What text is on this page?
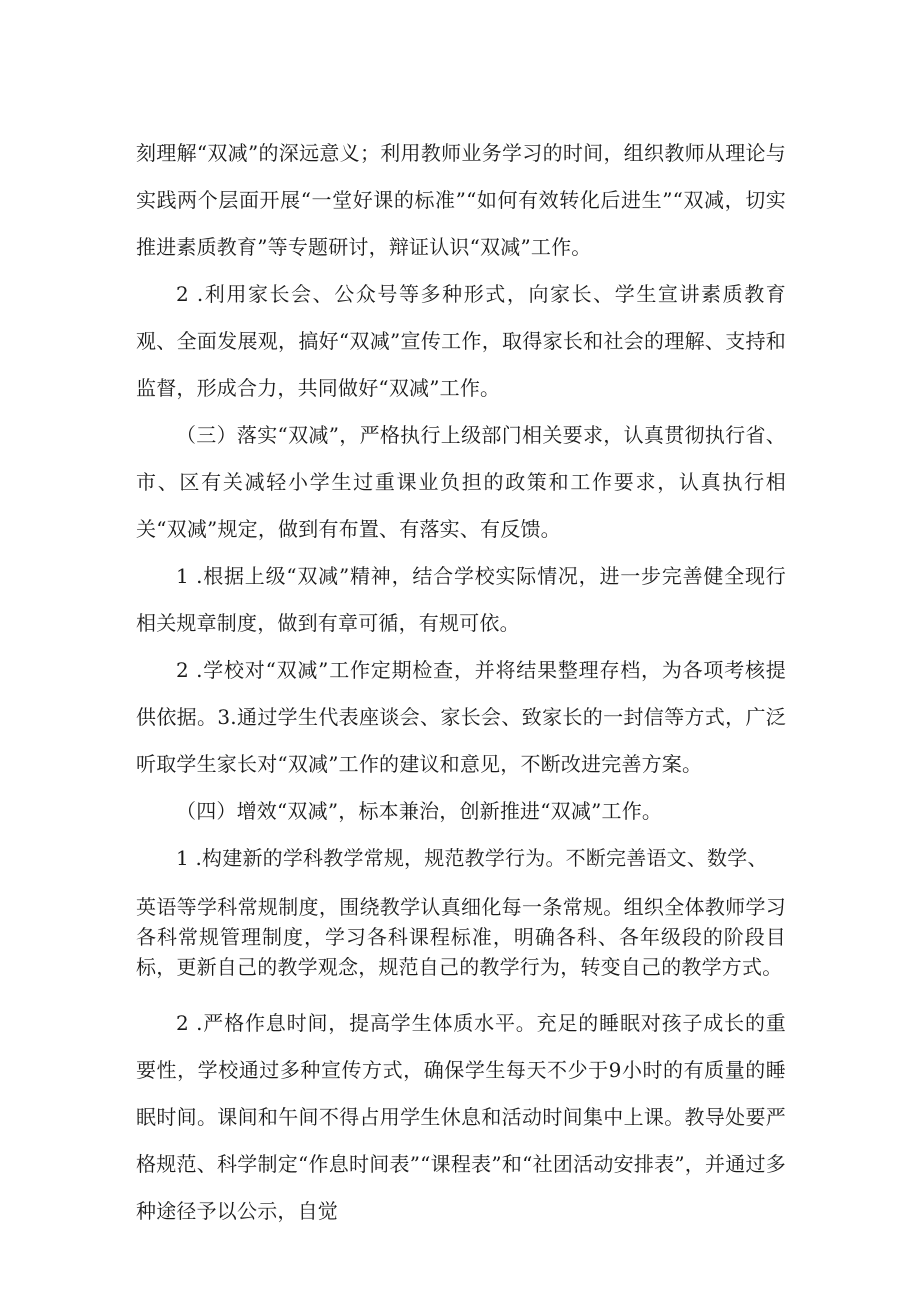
刻理解“双减”的深远意义；利用教师业务学习的时间，组织教师从理论与实践两个层面开展“一堂好课的标准”“如何有效转化后进生”“双减，切实推进素质教育”等专题研讨，辩证认识“双减”工作。

2 .利用家长会、公众号等多种形式，向家长、学生宣讲素质教育观、全面发展观，搞好“双减”宣传工作，取得家长和社会的理解、支持和监督，形成合力，共同做好“双减”工作。

（三）落实“双减”，严格执行上级部门相关要求，认真贯彻执行省、市、区有关减轻小学生过重课业负担的政策和工作要求，认真执行相关“双减”规定，做到有布置、有落实、有反馈。

1 .根据上级“双减”精神，结合学校实际情况，进一步完善健全现行相关规章制度，做到有章可循，有规可依。

2 .学校对“双减”工作定期检查，并将结果整理存档，为各项考核提供依据。3.通过学生代表座谈会、家长会、致家长的一封信等方式，广泛听取学生家长对“双减”工作的建议和意见，不断改进完善方案。

（四）增效“双减”，标本兼治，创新推进“双减”工作。

1 .构建新的学科教学常规，规范教学行为。不断完善语文、数学、

英语等学科常规制度，围绕教学认真细化每一条常规。组织全体教师学习各科常规管理制度，学习各科课程标准，明确各科、各年级段的阶段目标，更新自己的教学观念，规范自己的教学行为，转变自己的教学方式。

2 .严格作息时间，提高学生体质水平。充足的睡眠对孩子成长的重要性，学校通过多种宣传方式，确保学生每天不少于9小时的有质量的睡眠时间。课间和午间不得占用学生休息和活动时间集中上课。教导处要严格规范、科学制定“作息时间表”“课程表”和“社团活动安排表”，并通过多种途径予以公示，自觉
